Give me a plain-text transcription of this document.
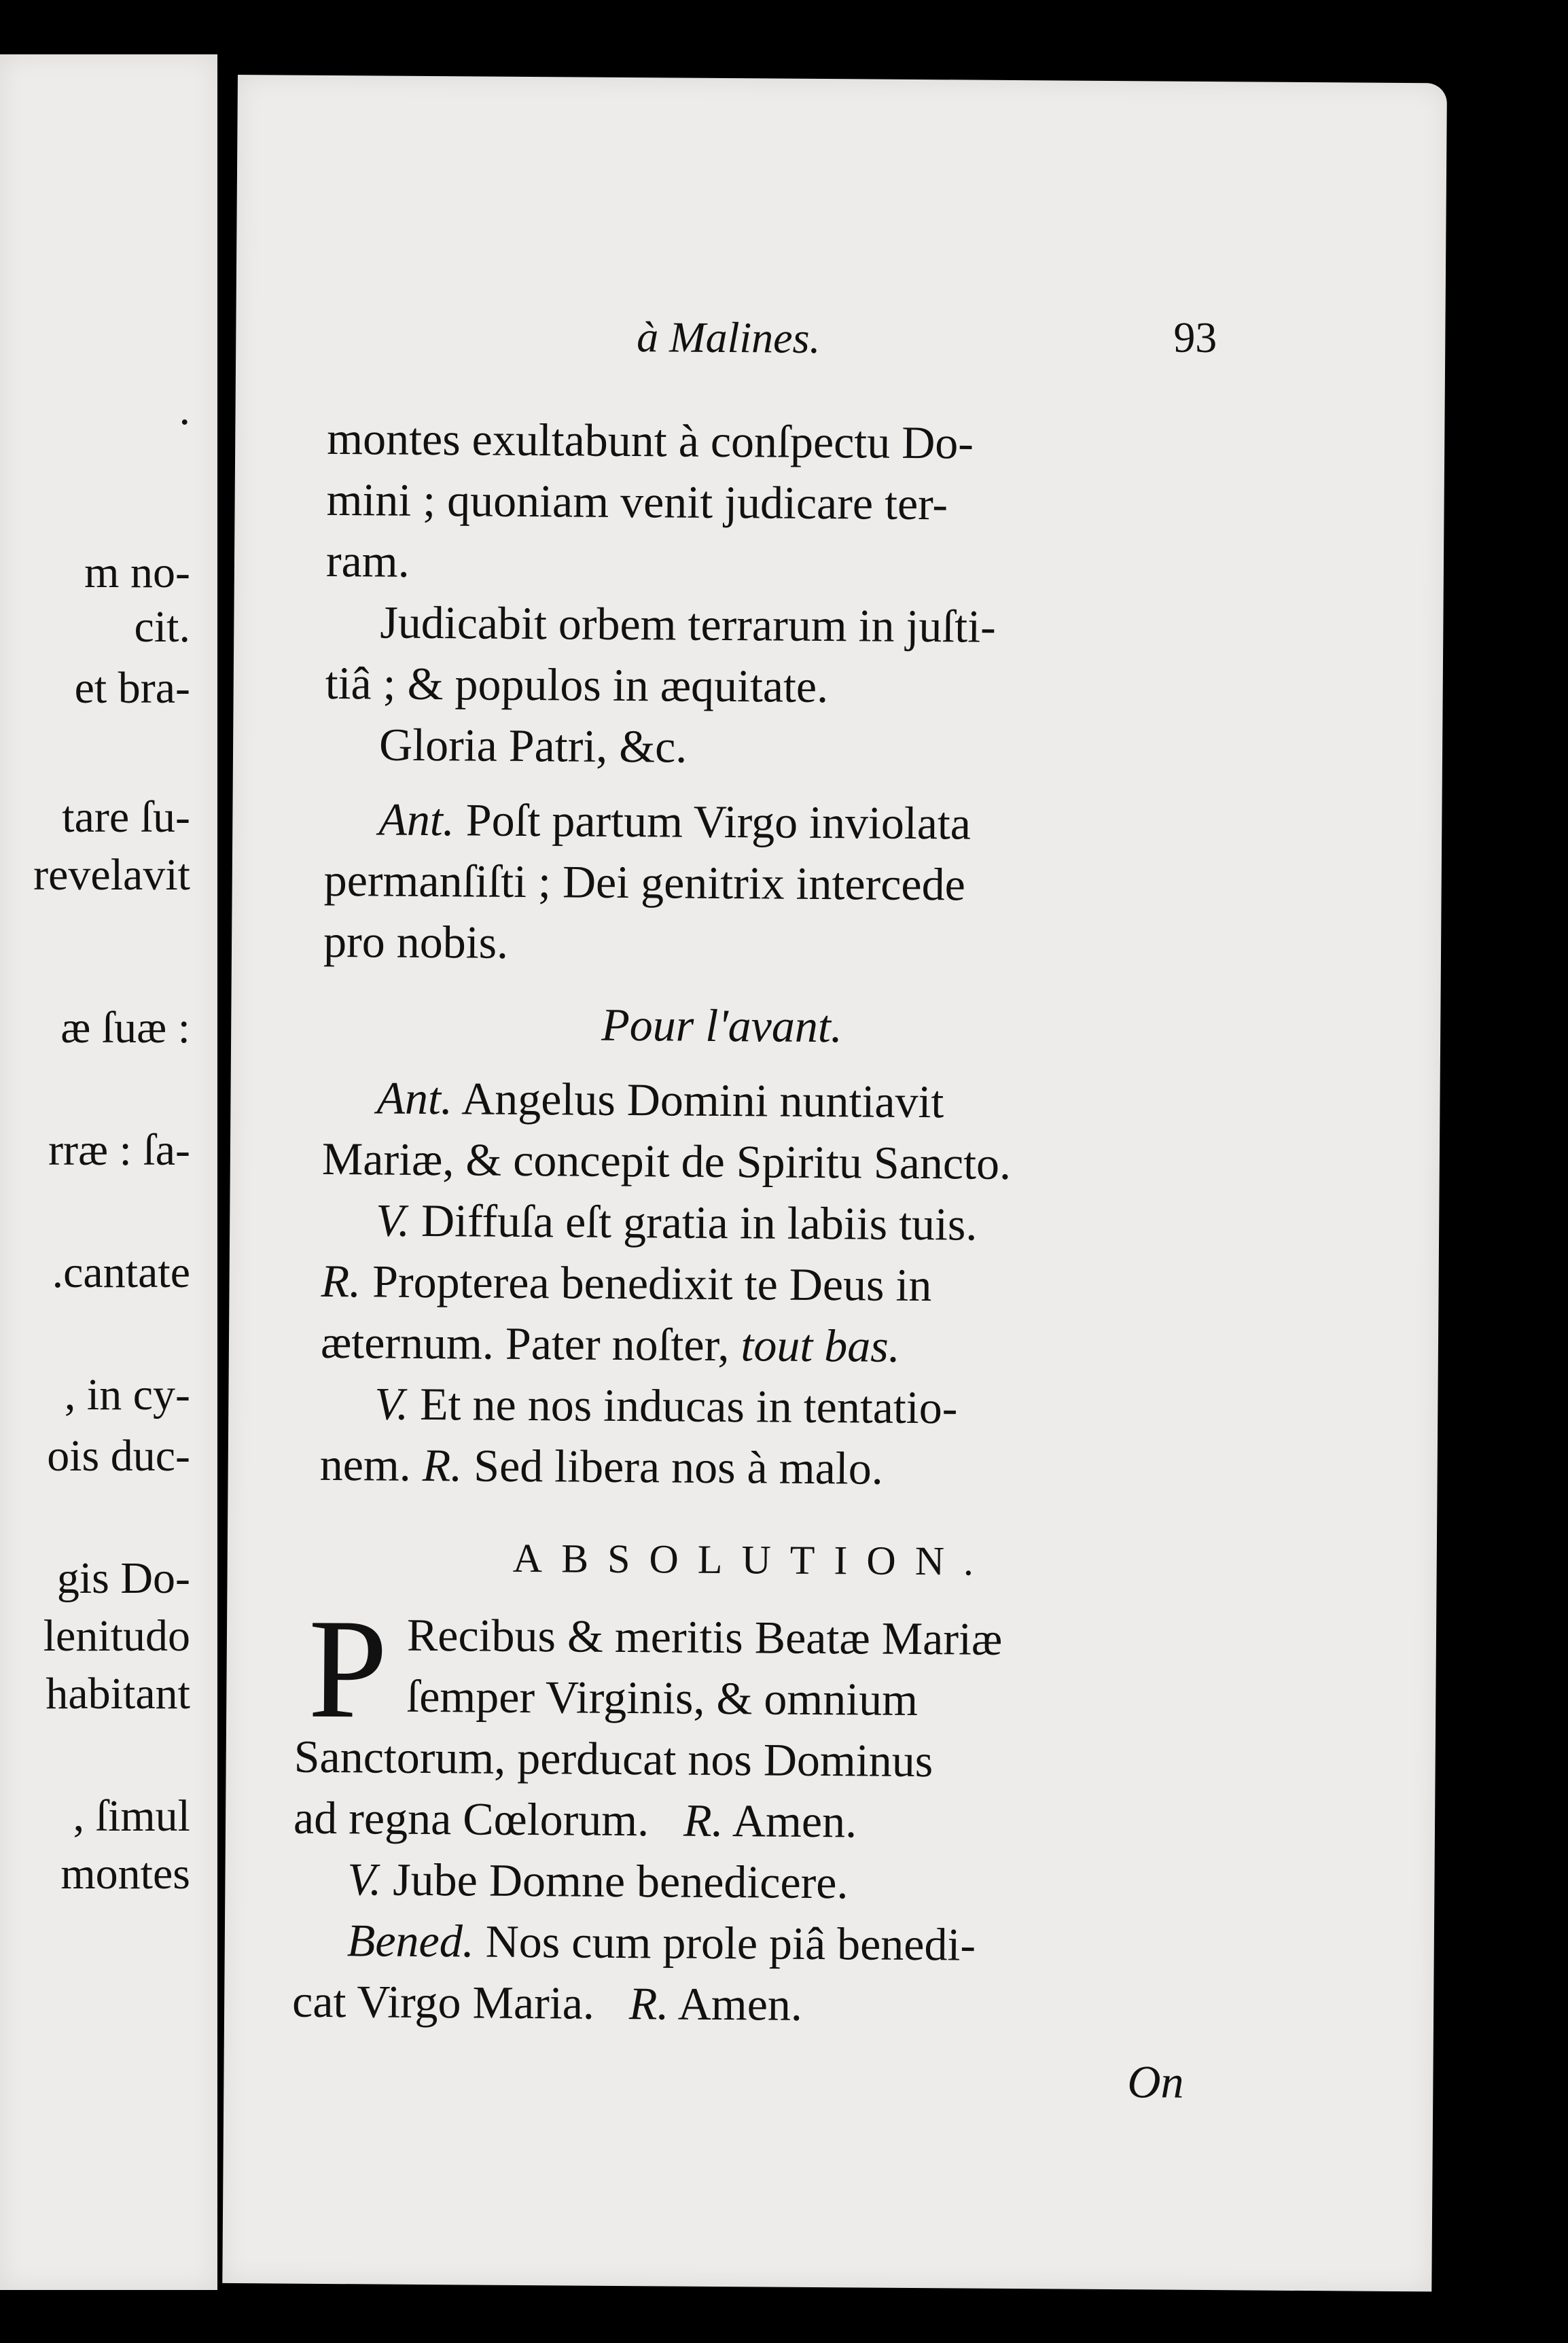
.
m no-
cit.
et bra-
tare ſu-
revelavit
æ ſuæ :
rræ : ſa-
.cantate
, in cy-
ois duc-
gis Do-
lenitudo
habitant
, ſimul
montes
à Malines.	93
montes exultabunt à conſpectu Do-
mini ; quoniam venit judicare ter-
ram.
Judicabit orbem terrarum in juſti-
tiâ ; & populos in æquitate.
Gloria Patri, &c.
Ant. Poſt partum Virgo inviolata
permanſiſti ; Dei genitrix intercede
pro nobis.
Pour l'avant.
Ant. Angelus Domini nuntiavit
Mariæ, & concepit de Spiritu Sancto.
V. Diffuſa eſt gratia in labiis tuis.
R. Propterea benedixit te Deus in
æternum. Pater noſter, tout bas.
V. Et ne nos inducas in tentatio-
nem. R. Sed libera nos à malo.
ABSOLUTION.
P Recibus & meritis Beatæ Mariæ
ſemper Virginis, & omnium
Sanctorum, perducat nos Dominus
ad regna Cœlorum. R. Amen.
V. Jube Domne benedicere.
Bened. Nos cum prole piâ benedi-
cat Virgo Maria. R. Amen.
On
